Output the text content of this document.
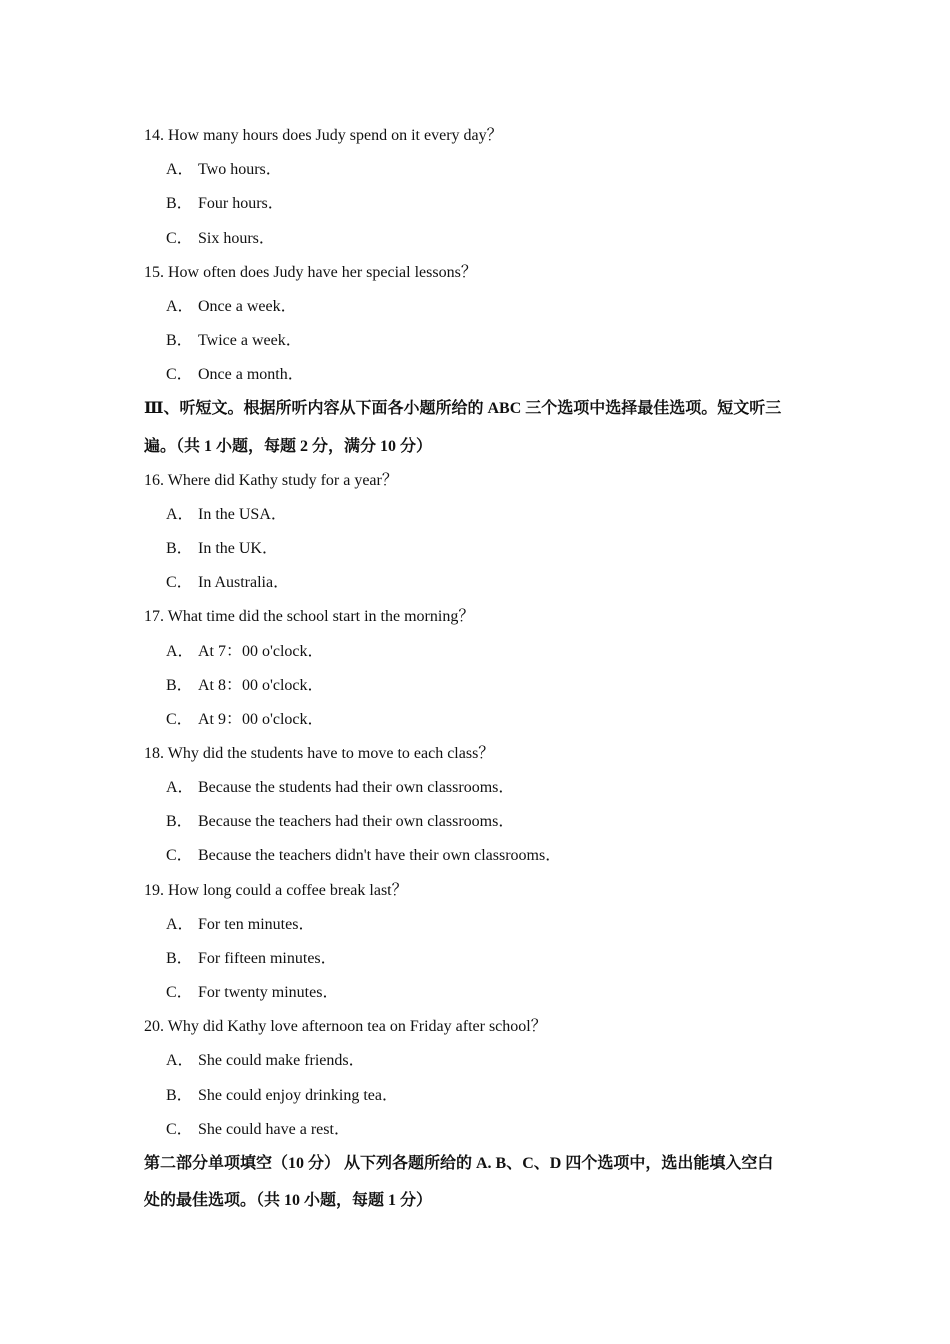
14. How many hours does Judy spend on it every day？
A． Two hours．
B． Four hours．
C． Six hours．
15. How often does Judy have her special lessons？
A． Once a week．
B． Twice a week．
C． Once a month．
Ⅲ、听短文。根据所听内容从下面各小题所给的 ABC 三个选项中选择最佳选项。短文听三
遍。（共 1 小题，每题 2 分，满分 10 分）
16. Where did Kathy study for a year？
A． In the USA．
B． In the UK．
C． In Australia．
17. What time did the school start in the morning？
A． At 7：00 o'clock．
B． At 8：00 o'clock．
C． At 9：00 o'clock．
18. Why did the students have to move to each class？
A． Because the students had their own classrooms．
B． Because the teachers had their own classrooms．
C． Because the teachers didn't have their own classrooms．
19. How long could a coffee break last？
A． For ten minutes．
B． For fifteen minutes．
C． For twenty minutes．
20. Why did Kathy love afternoon tea on Friday after school？
A． She could make friends．
B． She could enjoy drinking tea．
C． She could have a rest．
第二部分单项填空（10 分） 从下列各题所给的 A. B、C、D 四个选项中，选出能填入空白
处的最佳选项。（共 10 小题，每题 1 分）
